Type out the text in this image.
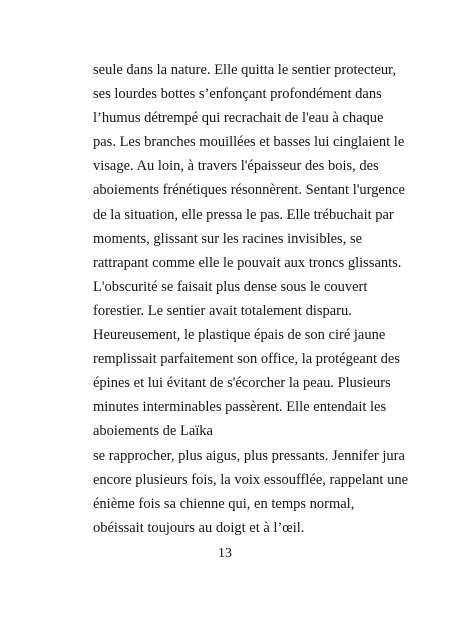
seule dans la nature. Elle quitta le sentier protecteur,
ses lourdes bottes s’enfonçant profondément dans
l’humus détrempé qui recrachait de l'eau à chaque
pas. Les branches mouillées et basses lui cinglaient le
visage. Au loin, à travers l'épaisseur des bois, des
aboiements frénétiques résonnèrent. Sentant l'urgence
de la situation, elle pressa le pas. Elle trébuchait par
moments, glissant sur les racines invisibles, se
rattrapant comme elle le pouvait aux troncs glissants.
L'obscurité se faisait plus dense sous le couvert
forestier. Le sentier avait totalement disparu.
Heureusement, le plastique épais de son ciré jaune
remplissait parfaitement son office, la protégeant des
épines et lui évitant de s'écorcher la peau. Plusieurs
minutes interminables passèrent. Elle entendait les
aboiements de Laïka
se rapprocher, plus aigus, plus pressants. Jennifer jura
encore plusieurs fois, la voix essoufflée, rappelant une
énième fois sa chienne qui, en temps normal,
obéissait toujours au doigt et à l’œil.
13
